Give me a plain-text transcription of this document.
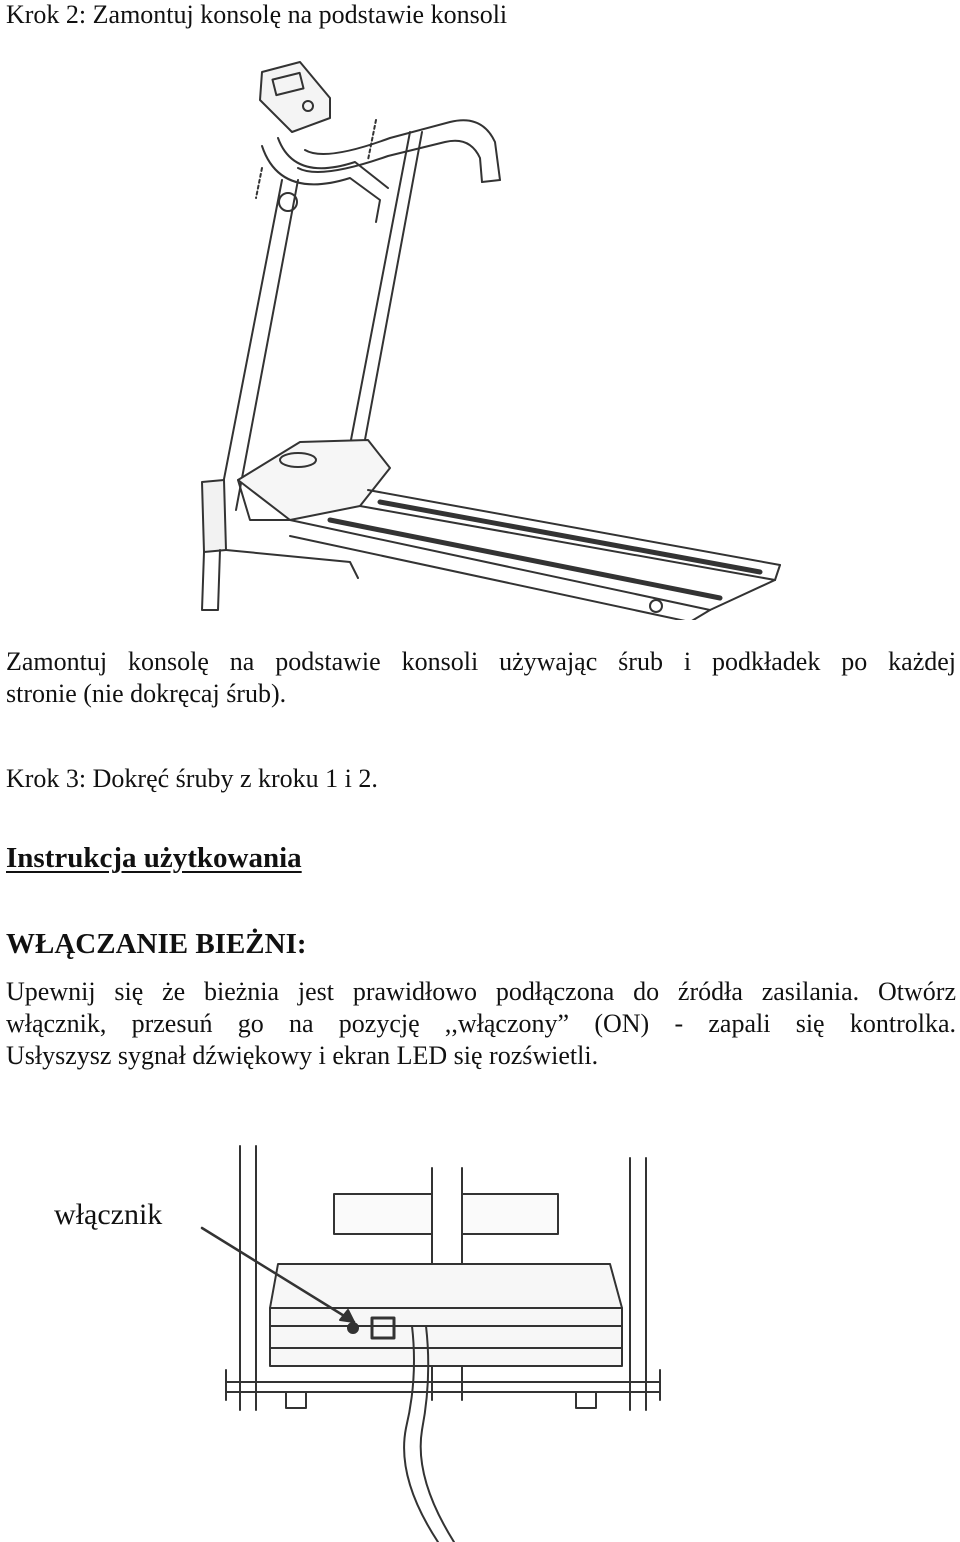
Krok 2: Zamontuj konsolę na podstawie konsoli

Zamontuj konsolę na podstawie konsoli używając śrub i podkładek po każdej
stronie (nie dokręcaj śrub).

Krok 3: Dokręć śruby z kroku 1 i 2.

Instrukcja użytkowania

WŁĄCZANIE BIEŻNI:

Upewnij się że bieżnia jest prawidłowo podłączona do źródła zasilania. Otwórz
włącznik, przesuń go na pozycję ,,włączony” (ON) - zapali się kontrolka.
Usłyszysz sygnał dźwiękowy i ekran LED się rozświetli.

włącznik
